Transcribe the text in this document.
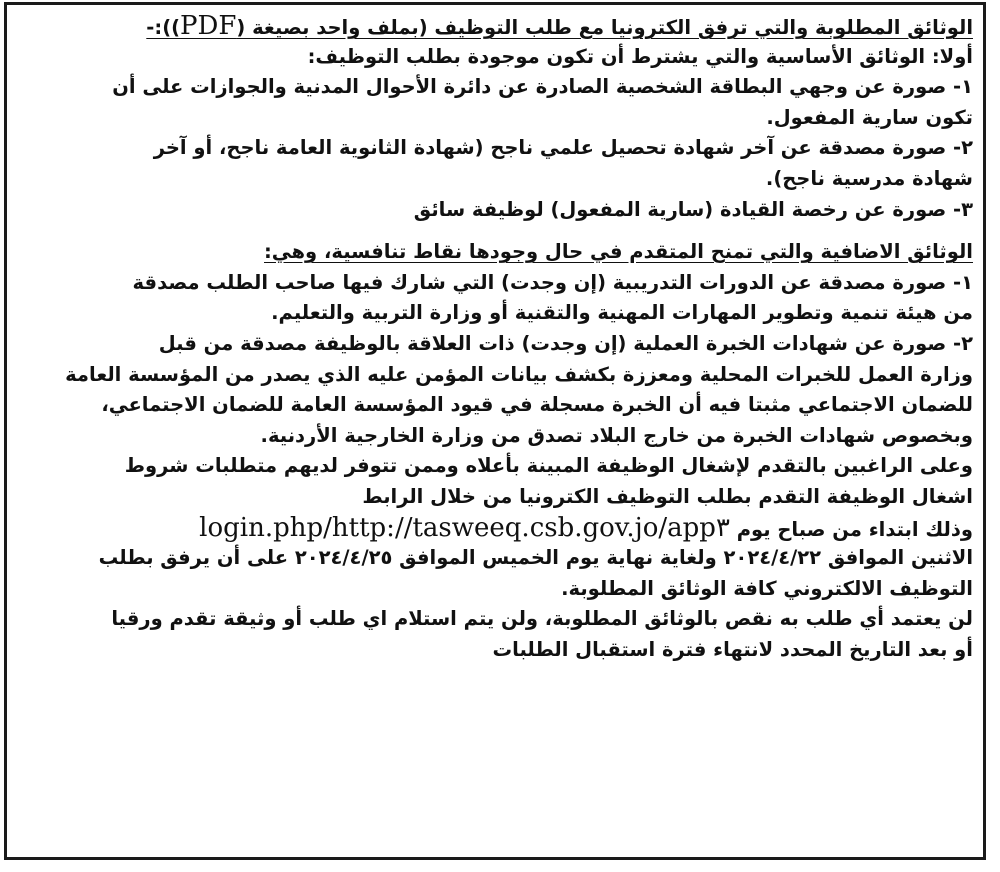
الوثائق المطلوبة والتي ترفق الكترونيا مع طلب التوظيف (بملف واحد بصيغة (PDF)):-
أولا: الوثائق الأساسية والتي يشترط أن تكون موجودة بطلب التوظيف:
١- صورة عن وجهي البطاقة الشخصية الصادرة عن دائرة الأحوال المدنية والجوازات على أن
تكون سارية المفعول.
٢- صورة مصدقة عن آخر شهادة تحصيل علمي ناجح (شهادة الثانوية العامة ناجح، أو آخر
شهادة مدرسية ناجح).
٣- صورة عن رخصة القيادة (سارية المفعول) لوظيفة سائق
الوثائق الاضافية والتي تمنح المتقدم في حال وجودها نقاط تنافسية، وهي:
١- صورة مصدقة عن الدورات التدريبية (إن وجدت) التي شارك فيها صاحب الطلب مصدقة
من هيئة تنمية وتطوير المهارات المهنية والتقنية أو وزارة التربية والتعليم.
٢- صورة عن شهادات الخبرة العملية (إن وجدت) ذات العلاقة بالوظيفة مصدقة من قبل
وزارة العمل للخبرات المحلية ومعززة بكشف بيانات المؤمن عليه الذي يصدر من المؤسسة العامة
للضمان الاجتماعي مثبتا فيه أن الخبرة مسجلة في قيود المؤسسة العامة للضمان الاجتماعي،
وبخصوص شهادات الخبرة من خارج البلاد تصدق من وزارة الخارجية الأردنية.
وعلى الراغبين بالتقدم لإشغال الوظيفة المبينة بأعلاه وممن تتوفر لديهم متطلبات شروط
اشغال الوظيفة التقدم بطلب التوظيف الكترونيا من خلال الرابط
وذلك ابتداء من صباح يوم login.php/http://tasweeq.csb.gov.jo/app٣
الاثنين الموافق ٢٠٢٤/٤/٢٢ ولغاية نهاية يوم الخميس الموافق ٢٠٢٤/٤/٢٥ على أن يرفق بطلب
التوظيف الالكتروني كافة الوثائق المطلوبة.
لن يعتمد أي طلب به نقص بالوثائق المطلوبة، ولن يتم استلام اي طلب أو وثيقة تقدم ورقيا
أو بعد التاريخ المحدد لانتهاء فترة استقبال الطلبات
